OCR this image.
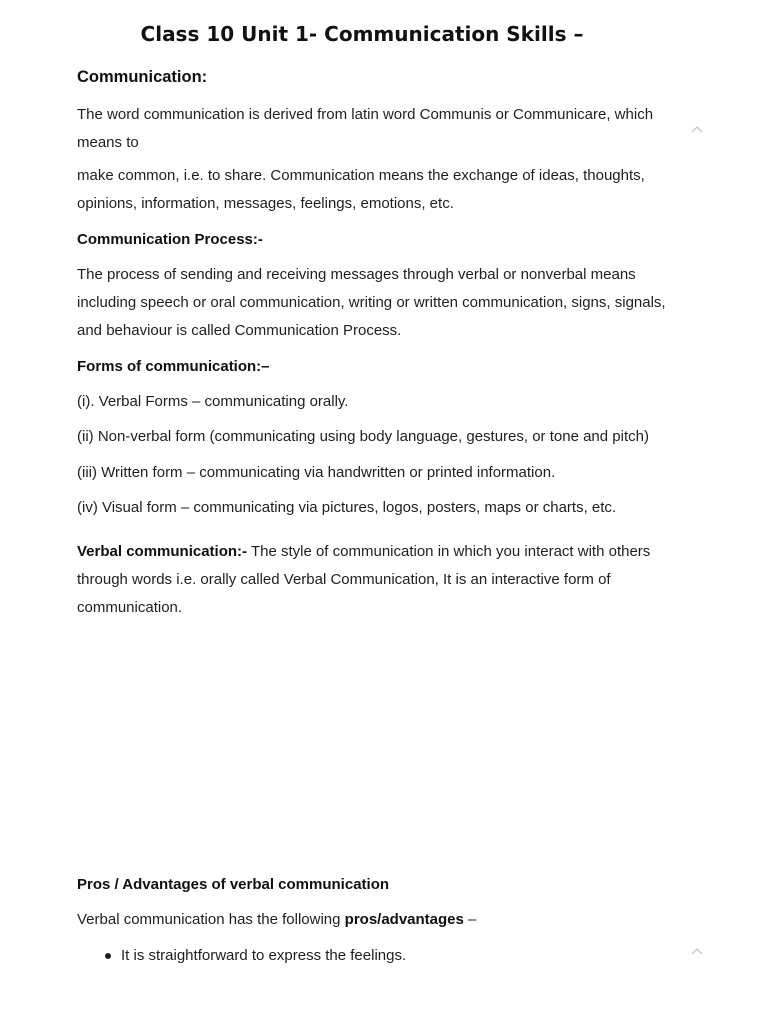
Class 10 Unit 1- Communication Skills –
Communication:

The word communication is derived from latin word Communis or Communicare, which means to

make common, i.e. to share. Communication means the exchange of ideas, thoughts, opinions, information, messages, feelings, emotions, etc.

Communication Process:-

The process of sending and receiving messages through verbal or nonverbal means including speech or oral communication, writing or written communication, signs, signals, and behaviour is called Communication Process.

Forms of communication:–
(i). Verbal Forms – communicating orally.
(ii) Non-verbal form (communicating using body language, gestures, or tone and pitch)
(iii) Written form – communicating via handwritten or printed information.
(iv) Visual form – communicating via pictures, logos, posters, maps or charts, etc.

Verbal communication:- The style of communication in which you interact with others through words i.e. orally called Verbal Communication, It is an interactive form of communication.

Pros / Advantages of verbal communication
Verbal communication has the following pros/advantages –
It is straightforward to express the feelings.
